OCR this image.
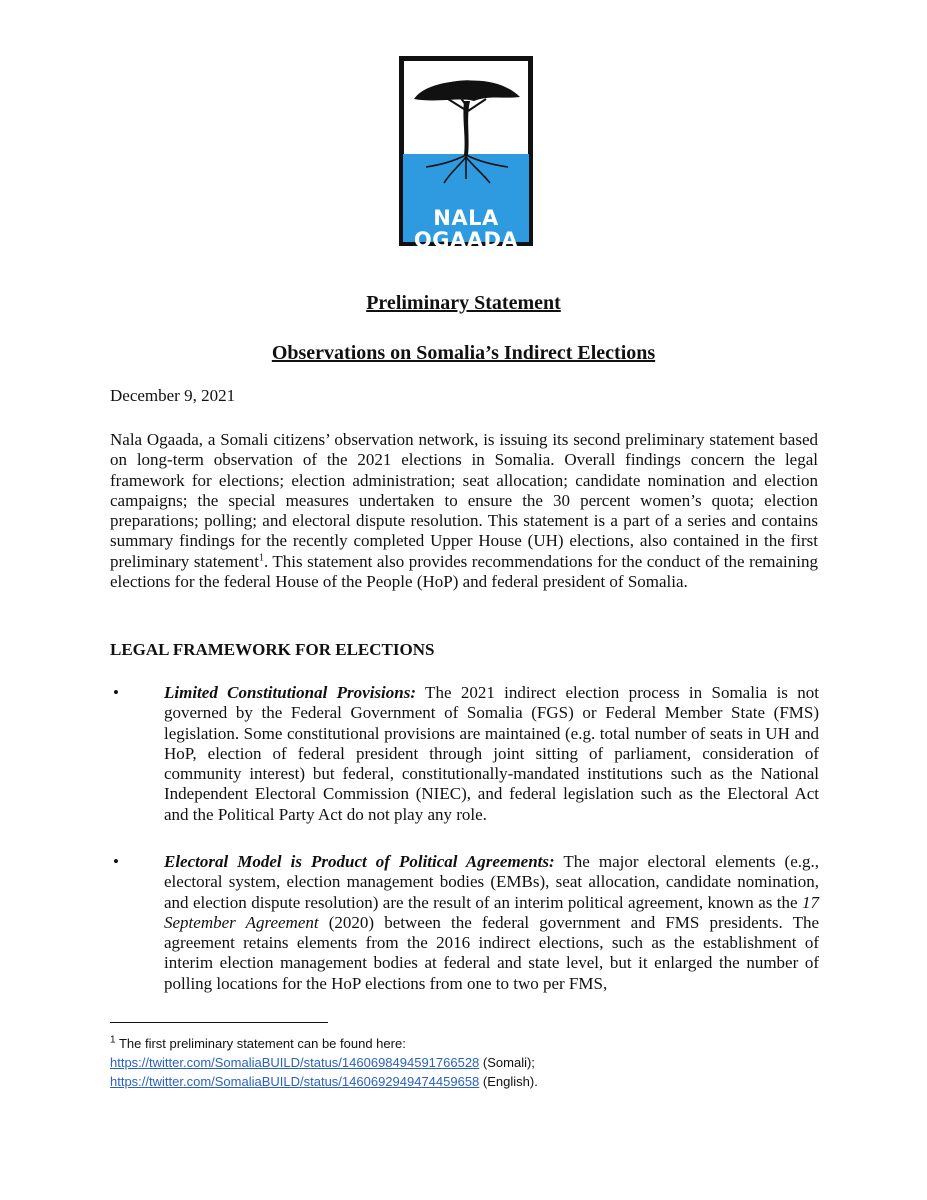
NALA
OGAADA
Preliminary Statement
Observations on Somalia’s Indirect Elections
December 9, 2021
Nala Ogaada, a Somali citizens’ observation network, is issuing its second preliminary statement based on long-term observation of the 2021 elections in Somalia. Overall findings concern the legal framework for elections; election administration; seat allocation; candidate nomination and election campaigns; the special measures undertaken to ensure the 30 percent women’s quota; election preparations; polling; and electoral dispute resolution. This statement is a part of a series and contains summary findings for the recently completed Upper House (UH) elections, also contained in the first preliminary statement$^1$. This statement also provides recommendations for the conduct of the remaining elections for the federal House of the People (HoP) and federal president of Somalia.
LEGAL FRAMEWORK FOR ELECTIONS
•	Limited Constitutional Provisions: The 2021 indirect election process in Somalia is not governed by the Federal Government of Somalia (FGS) or Federal Member State (FMS) legislation. Some constitutional provisions are maintained (e.g. total number of seats in UH and HoP, election of federal president through joint sitting of parliament, consideration of community interest) but federal, constitutionally-mandated institutions such as the National Independent Electoral Commission (NIEC), and federal legislation such as the Electoral Act and the Political Party Act do not play any role.
•	Electoral Model is Product of Political Agreements: The major electoral elements (e.g., electoral system, election management bodies (EMBs), seat allocation, candidate nomination, and election dispute resolution) are the result of an interim political agreement, known as the 17 September Agreement (2020) between the federal government and FMS presidents. The agreement retains elements from the 2016 indirect elections, such as the establishment of interim election management bodies at federal and state level, but it enlarged the number of polling locations for the HoP elections from one to two per FMS,
$^1$ The first preliminary statement can be found here:
https://twitter.com/SomaliaBUILD/status/1460698494591766528 (Somali);
https://twitter.com/SomaliaBUILD/status/1460692949474459658 (English).
